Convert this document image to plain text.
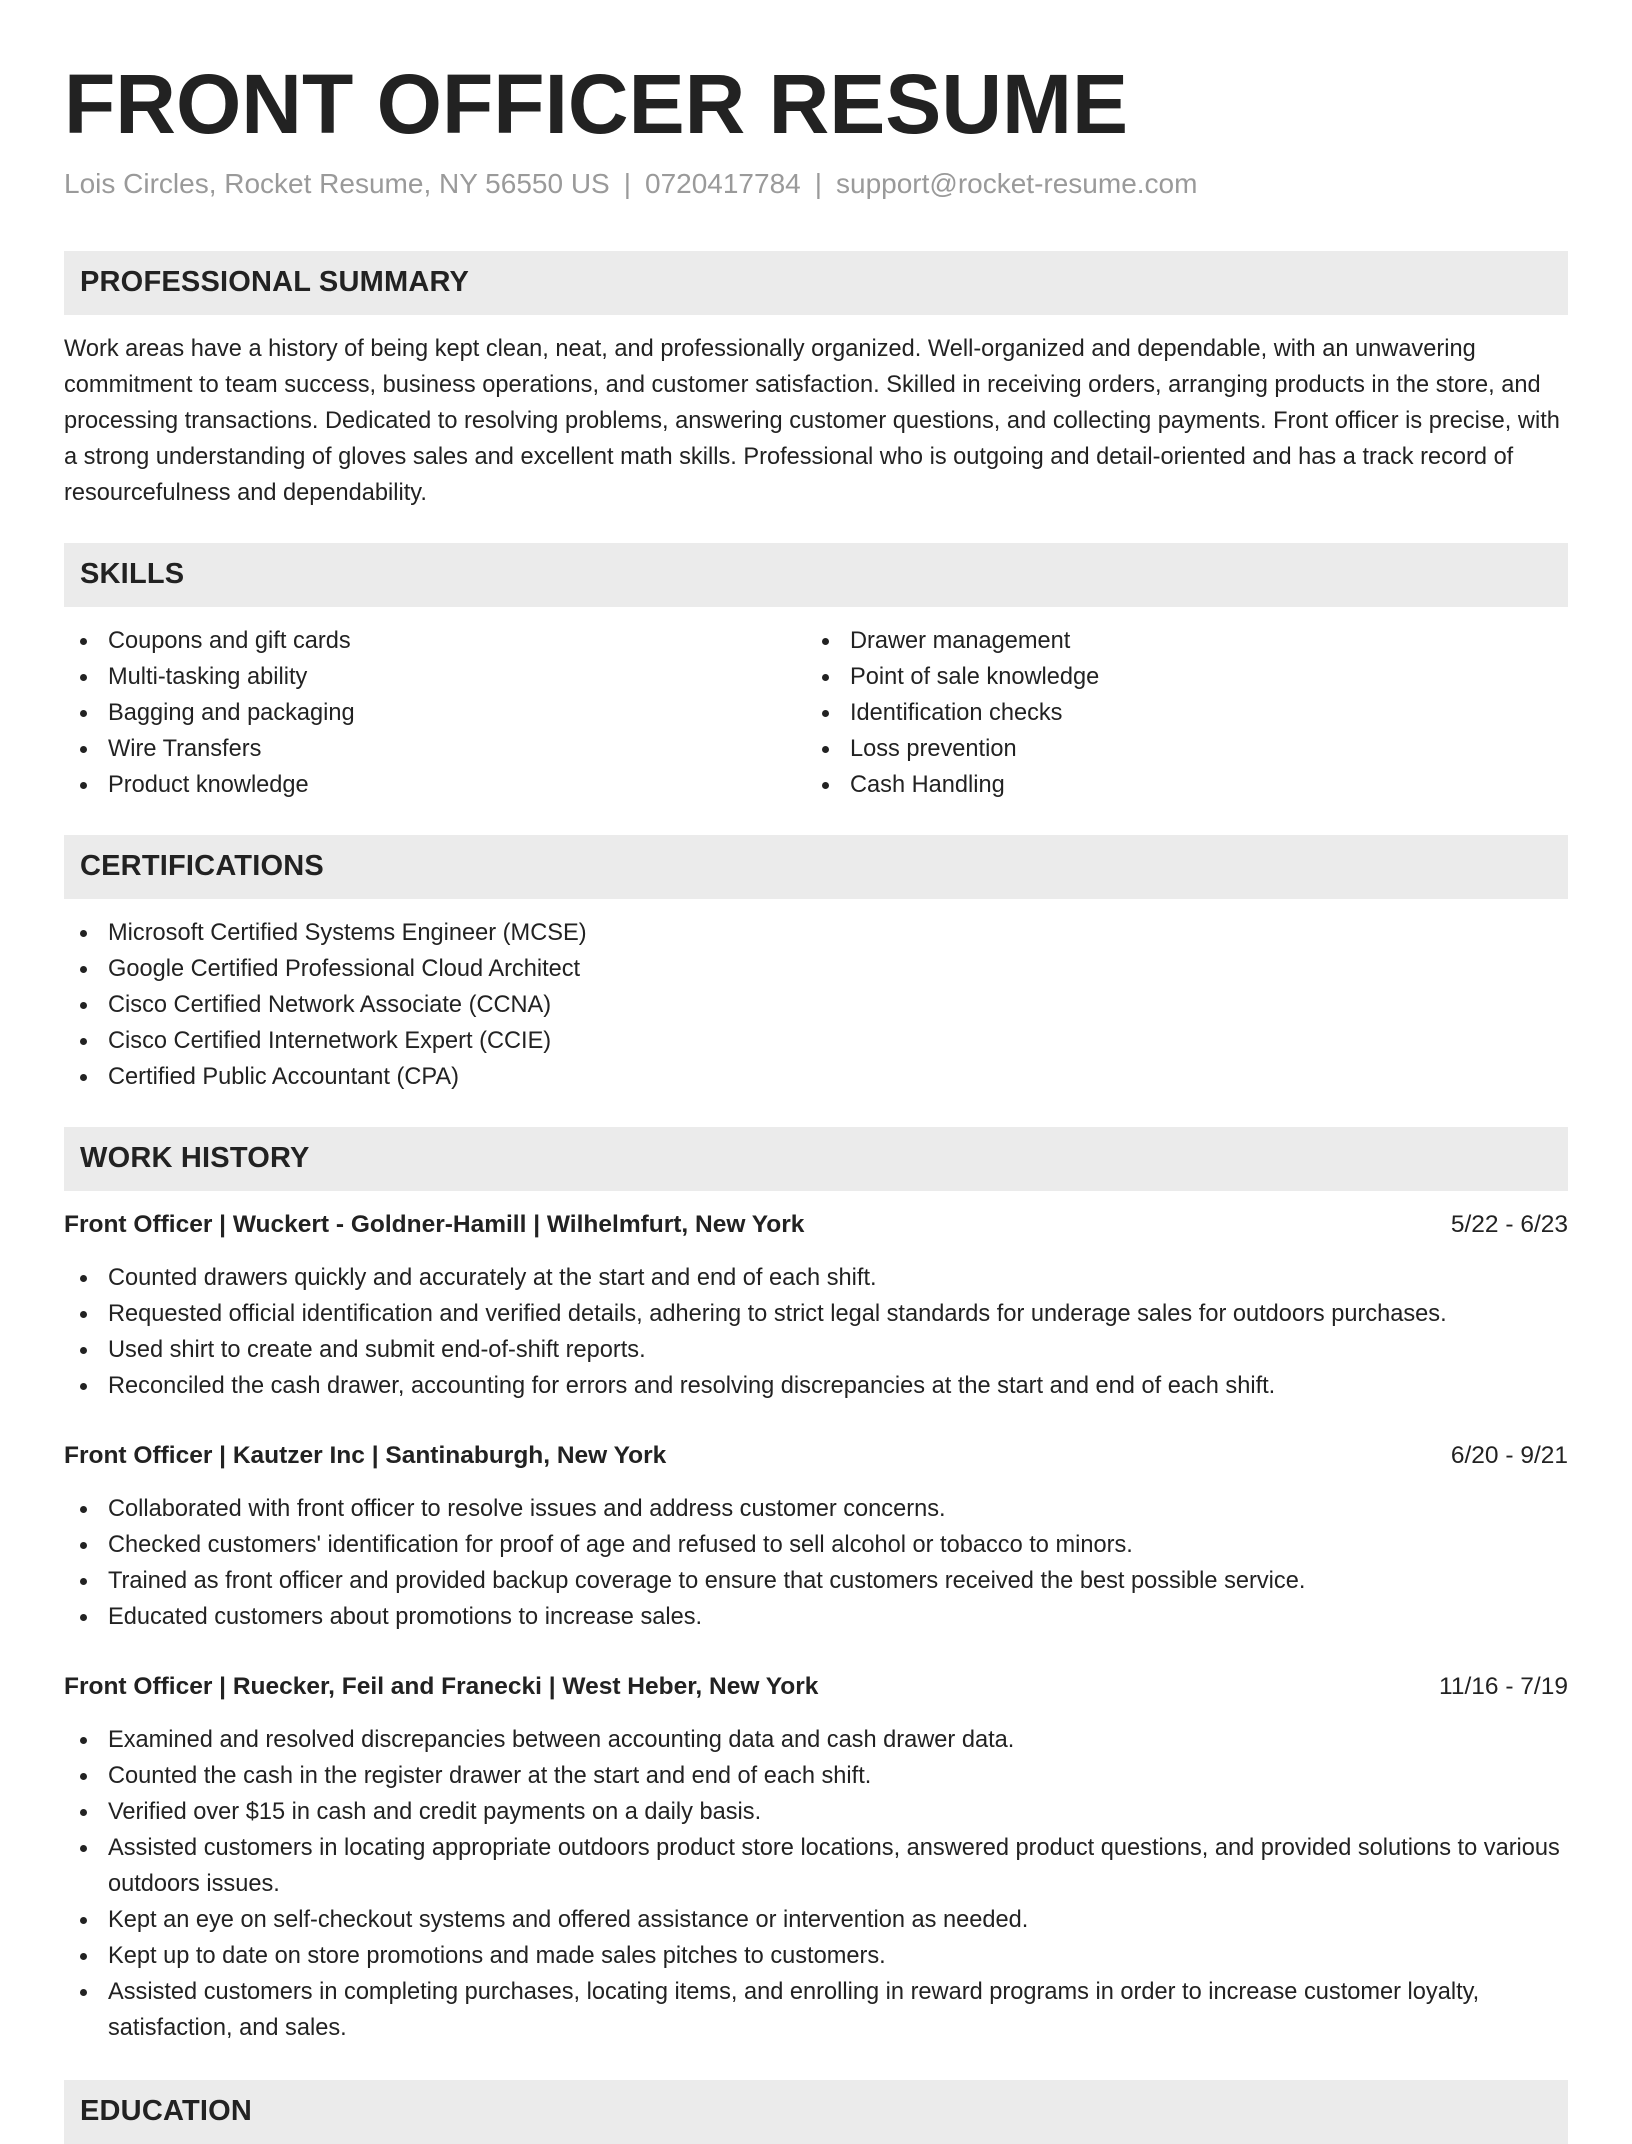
FRONT OFFICER RESUME
Lois Circles, Rocket Resume, NY 56550 US | 0720417784 | support@rocket-resume.com
PROFESSIONAL SUMMARY
Work areas have a history of being kept clean, neat, and professionally organized. Well-organized and dependable, with an unwavering commitment to team success, business operations, and customer satisfaction. Skilled in receiving orders, arranging products in the store, and processing transactions. Dedicated to resolving problems, answering customer questions, and collecting payments. Front officer is precise, with a strong understanding of gloves sales and excellent math skills. Professional who is outgoing and detail-oriented and has a track record of resourcefulness and dependability.
SKILLS
Coupons and gift cards
Multi-tasking ability
Bagging and packaging
Wire Transfers
Product knowledge
Drawer management
Point of sale knowledge
Identification checks
Loss prevention
Cash Handling
CERTIFICATIONS
Microsoft Certified Systems Engineer (MCSE)
Google Certified Professional Cloud Architect
Cisco Certified Network Associate (CCNA)
Cisco Certified Internetwork Expert (CCIE)
Certified Public Accountant (CPA)
WORK HISTORY
Front Officer | Wuckert - Goldner-Hamill | Wilhelmfurt, New York	5/22 - 6/23
Counted drawers quickly and accurately at the start and end of each shift.
Requested official identification and verified details, adhering to strict legal standards for underage sales for outdoors purchases.
Used shirt to create and submit end-of-shift reports.
Reconciled the cash drawer, accounting for errors and resolving discrepancies at the start and end of each shift.
Front Officer | Kautzer Inc | Santinaburgh, New York	6/20 - 9/21
Collaborated with front officer to resolve issues and address customer concerns.
Checked customers' identification for proof of age and refused to sell alcohol or tobacco to minors.
Trained as front officer and provided backup coverage to ensure that customers received the best possible service.
Educated customers about promotions to increase sales.
Front Officer | Ruecker, Feil and Franecki | West Heber, New York	11/16 - 7/19
Examined and resolved discrepancies between accounting data and cash drawer data.
Counted the cash in the register drawer at the start and end of each shift.
Verified over $15 in cash and credit payments on a daily basis.
Assisted customers in locating appropriate outdoors product store locations, answered product questions, and provided solutions to various outdoors issues.
Kept an eye on self-checkout systems and offered assistance or intervention as needed.
Kept up to date on store promotions and made sales pitches to customers.
Assisted customers in completing purchases, locating items, and enrolling in reward programs in order to increase customer loyalty, satisfaction, and sales.
EDUCATION
